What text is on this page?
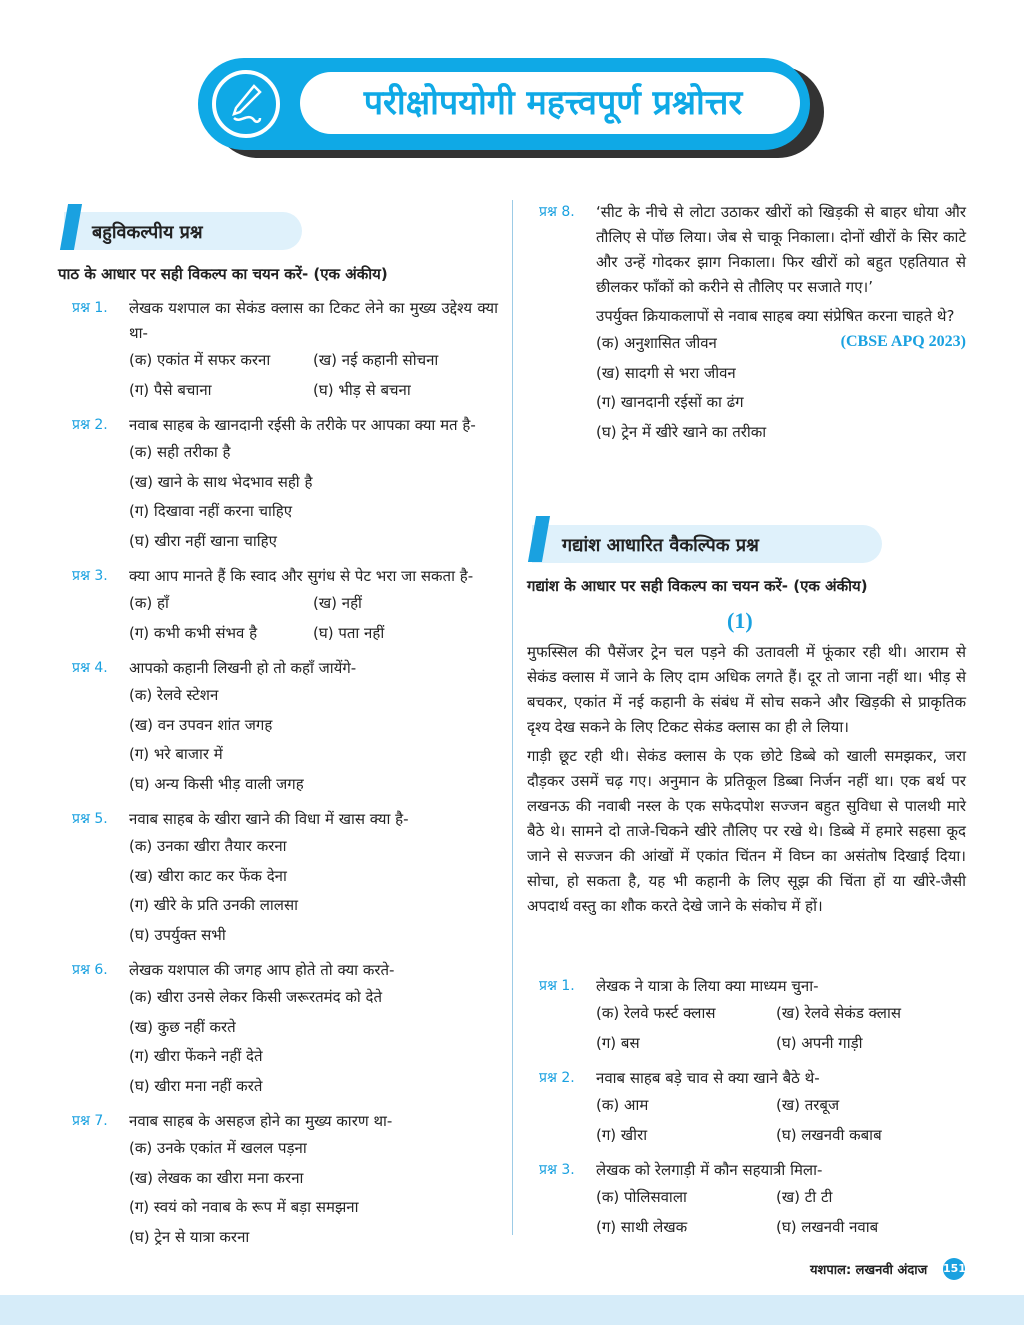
परीक्षोपयोगी महत्त्वपूर्ण प्रश्नोत्तर
बहुविकल्पीय प्रश्न
पाठ के आधार पर सही विकल्प का चयन करें- (एक अंकीय)
प्रश्न 1.	लेखक यशपाल का सेकंड क्लास का टिकट लेने का मुख्य उद्देश्य क्या था-
(क) एकांत में सफर करना	(ख) नई कहानी सोचना
(ग) पैसे बचाना	(घ) भीड़ से बचना
प्रश्न 2.	नवाब साहब के खानदानी रईसी के तरीके पर आपका क्या मत है-
(क) सही तरीका है
(ख) खाने के साथ भेदभाव सही है
(ग) दिखावा नहीं करना चाहिए
(घ) खीरा नहीं खाना चाहिए
प्रश्न 3.	क्या आप मानते हैं कि स्वाद और सुगंध से पेट भरा जा सकता है-
(क) हाँ	(ख) नहीं
(ग) कभी कभी संभव है	(घ) पता नहीं
प्रश्न 4.	आपको कहानी लिखनी हो तो कहाँ जायेंगे-
(क) रेलवे स्टेशन
(ख) वन उपवन शांत जगह
(ग) भरे बाजार में
(घ) अन्य किसी भीड़ वाली जगह
प्रश्न 5.	नवाब साहब के खीरा खाने की विधा में खास क्या है-
(क) उनका खीरा तैयार करना
(ख) खीरा काट कर फेंक देना
(ग) खीरे के प्रति उनकी लालसा
(घ) उपर्युक्त सभी
प्रश्न 6.	लेखक यशपाल की जगह आप होते तो क्या करते-
(क) खीरा उनसे लेकर किसी जरूरतमंद को देते
(ख) कुछ नहीं करते
(ग) खीरा फेंकने नहीं देते
(घ) खीरा मना नहीं करते
प्रश्न 7.	नवाब साहब के असहज होने का मुख्य कारण था-
(क) उनके एकांत में खलल पड़ना
(ख) लेखक का खीरा मना करना
(ग) स्वयं को नवाब के रूप में बड़ा समझना
(घ) ट्रेन से यात्रा करना
प्रश्न 8.	‘सीट के नीचे से लोटा उठाकर खीरों को खिड़की से बाहर धोया और तौलिए से पोंछ लिया। जेब से चाकू निकाला। दोनों खीरों के सिर काटे और उन्हें गोदकर झाग निकाला। फिर खीरों को बहुत एहतियात से छीलकर फाँकों को करीने से तौलिए पर सजाते गए।’
उपर्युक्त क्रियाकलापों से नवाब साहब क्या संप्रेषित करना चाहते थे?
(CBSE APQ 2023)
(क) अनुशासित जीवन
(ख) सादगी से भरा जीवन
(ग) खानदानी रईसों का ढंग
(घ) ट्रेन में खीरे खाने का तरीका
गद्यांश आधारित वैकल्पिक प्रश्न
गद्यांश के आधार पर सही विकल्प का चयन करें- (एक अंकीय)
(1)

मुफस्सिल की पैसेंजर ट्रेन चल पड़ने की उतावली में फूंकार रही थी। आराम से सेकंड क्लास में जाने के लिए दाम अधिक लगते हैं। दूर तो जाना नहीं था। भीड़ से बचकर, एकांत में नई कहानी के संबंध में सोच सकने और खिड़की से प्राकृतिक दृश्य देख सकने के लिए टिकट सेकंड क्लास का ही ले लिया।

गाड़ी छूट रही थी। सेकंड क्लास के एक छोटे डिब्बे को खाली समझकर, जरा दौड़कर उसमें चढ़ गए। अनुमान के प्रतिकूल डिब्बा निर्जन नहीं था। एक बर्थ पर लखनऊ की नवाबी नस्ल के एक सफेदपोश सज्जन बहुत सुविधा से पालथी मारे बैठे थे। सामने दो ताजे-चिकने खीरे तौलिए पर रखे थे। डिब्बे में हमारे सहसा कूद जाने से सज्जन की आंखों में एकांत चिंतन में विघ्न का असंतोष दिखाई दिया। सोचा, हो सकता है, यह भी कहानी के लिए सूझ की चिंता हों या खीरे-जैसी अपदार्थ वस्तु का शौक करते देखे जाने के संकोच में हों।

प्रश्न 1.	लेखक ने यात्रा के लिया क्या माध्यम चुना-
(क) रेलवे फर्स्ट क्लास	(ख) रेलवे सेकंड क्लास
(ग) बस	(घ) अपनी गाड़ी
प्रश्न 2.	नवाब साहब बड़े चाव से क्या खाने बैठे थे-
(क) आम	(ख) तरबूज
(ग) खीरा	(घ) लखनवी कबाब
प्रश्न 3.	लेखक को रेलगाड़ी में कौन सहयात्री मिला-
(क) पोलिसवाला	(ख) टी टी
(ग) साथी लेखक	(घ) लखनवी नवाब
यशपाल: लखनवी अंदाज 151
